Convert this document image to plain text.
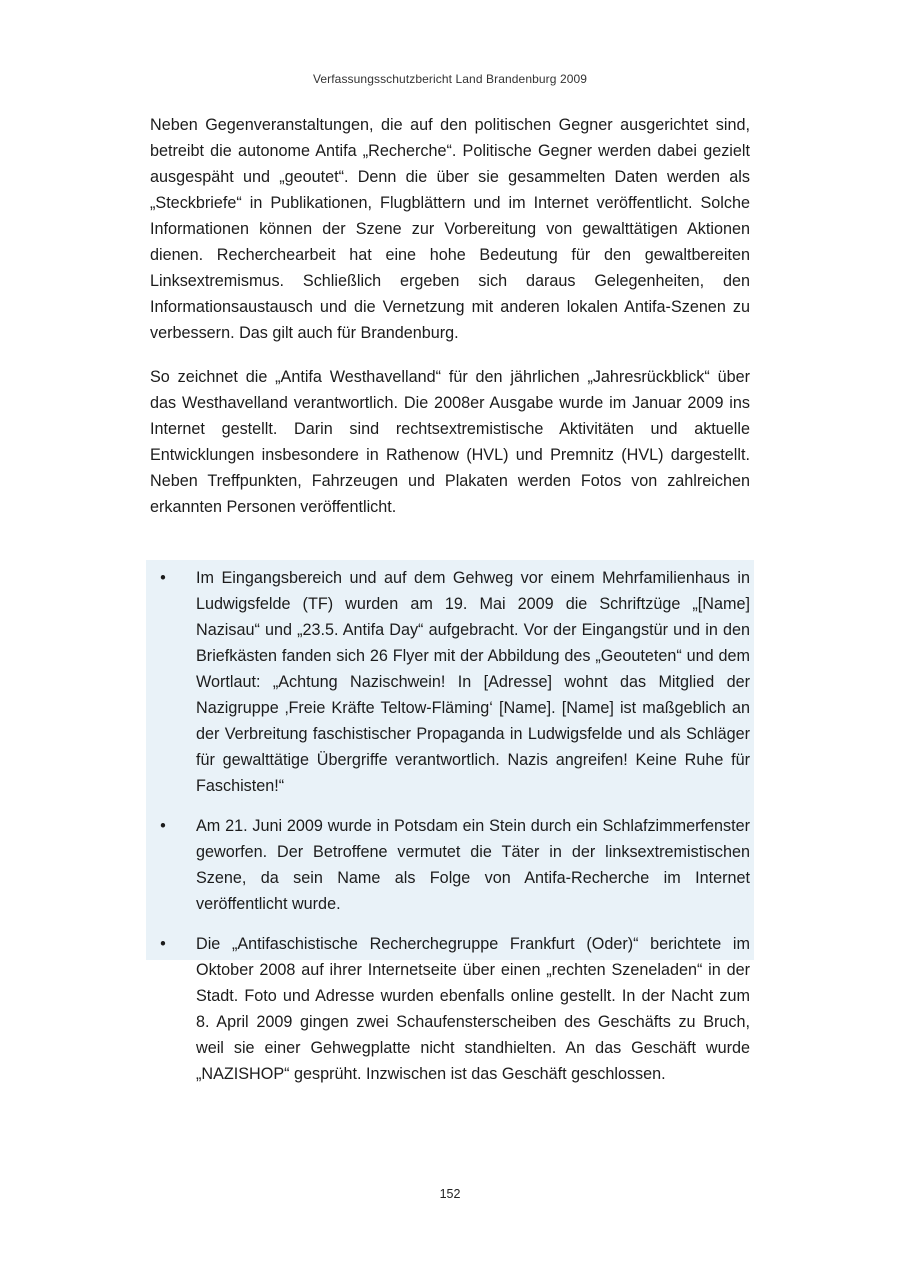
Verfassungsschutzbericht Land Brandenburg 2009

Neben Gegenveranstaltungen, die auf den politischen Gegner ausgerichtet sind, betreibt die autonome Antifa „Recherche“. Politische Gegner werden dabei gezielt ausgespäht und „geoutet“. Denn die über sie gesammelten Daten werden als „Steckbriefe“ in Publikationen, Flugblättern und im Internet veröffentlicht. Solche Informationen können der Szene zur Vorbereitung von gewalttätigen Aktionen dienen. Recherchearbeit hat eine hohe Bedeutung für den gewaltbereiten Linksextremismus. Schließlich ergeben sich daraus Gelegenheiten, den Informationsaustausch und die Vernetzung mit anderen lokalen Antifa-Szenen zu verbessern. Das gilt auch für Brandenburg.

So zeichnet die „Antifa Westhavelland“ für den jährlichen „Jahresrückblick“ über das Westhavelland verantwortlich. Die 2008er Ausgabe wurde im Januar 2009 ins Internet gestellt. Darin sind rechtsextremistische Aktivitäten und aktuelle Entwicklungen insbesondere in Rathenow (HVL) und Premnitz (HVL) dargestellt. Neben Treffpunkten, Fahrzeugen und Plakaten werden Fotos von zahlreichen erkannten Personen veröffentlicht.

• Im Eingangsbereich und auf dem Gehweg vor einem Mehrfamilienhaus in Ludwigsfelde (TF) wurden am 19. Mai 2009 die Schriftzüge „[Name] Nazisau“ und „23.5. Antifa Day“ aufgebracht. Vor der Eingangstür und in den Briefkästen fanden sich 26 Flyer mit der Abbildung des „Geouteten“ und dem Wortlaut: „Achtung Nazischwein! In [Adresse] wohnt das Mitglied der Nazigruppe ‚Freie Kräfte Teltow-Fläming‘ [Name]. [Name] ist maßgeblich an der Verbreitung faschistischer Propaganda in Ludwigsfelde und als Schläger für gewalttätige Übergriffe verantwortlich. Nazis angreifen! Keine Ruhe für Faschisten!“
• Am 21. Juni 2009 wurde in Potsdam ein Stein durch ein Schlafzimmerfenster geworfen. Der Betroffene vermutet die Täter in der linksextremistischen Szene, da sein Name als Folge von Antifa-Recherche im Internet veröffentlicht wurde.
• Die „Antifaschistische Recherchegruppe Frankfurt (Oder)“ berichtete im Oktober 2008 auf ihrer Internetseite über einen „rechten Szeneladen“ in der Stadt. Foto und Adresse wurden ebenfalls online gestellt. In der Nacht zum 8. April 2009 gingen zwei Schaufensterscheiben des Geschäfts zu Bruch, weil sie einer Gehwegplatte nicht standhielten. An das Geschäft wurde „NAZISHOP“ gesprüht. Inzwischen ist das Geschäft geschlossen.
152
